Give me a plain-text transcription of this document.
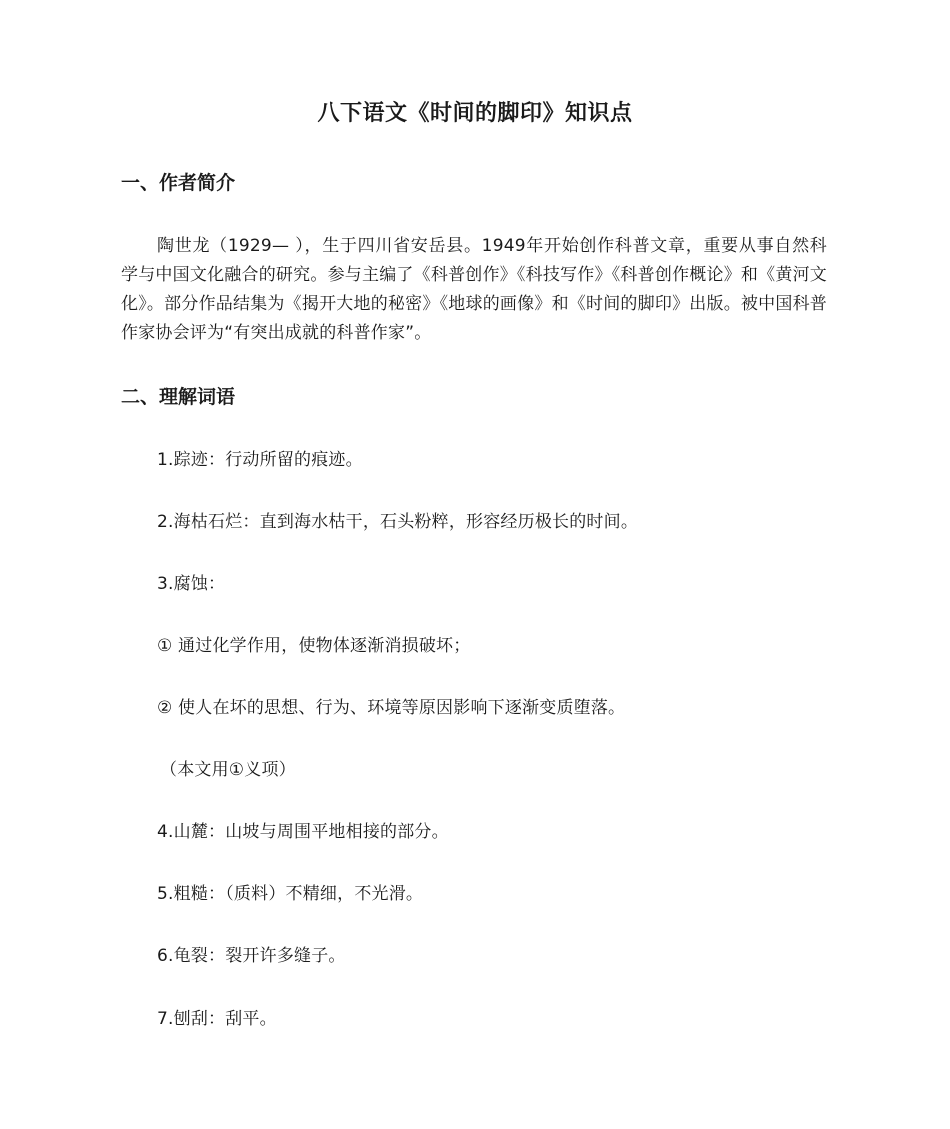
八下语文《时间的脚印》知识点
一、作者简介
陶世龙（1929— ），生于四川省安岳县。1949年开始创作科普文章，重要从事自然科学与中国文化融合的研究。参与主编了《科普创作》《科技写作》《科普创作概论》和《黄河文化》。部分作品结集为《揭开大地的秘密》《地球的画像》和《时间的脚印》出版。被中国科普作家协会评为“有突出成就的科普作家”。
二、理解词语
1.踪迹：行动所留的痕迹。
2.海枯石烂：直到海水枯干，石头粉粹，形容经历极长的时间。
3.腐蚀：
① 通过化学作用，使物体逐渐消损破坏；
② 使人在坏的思想、行为、环境等原因影响下逐渐变质堕落。
（本文用①义项）
4.山麓：山坡与周围平地相接的部分。
5.粗糙：（质料）不精细，不光滑。
6.龟裂：裂开许多缝子。
7.刨刮：刮平。
